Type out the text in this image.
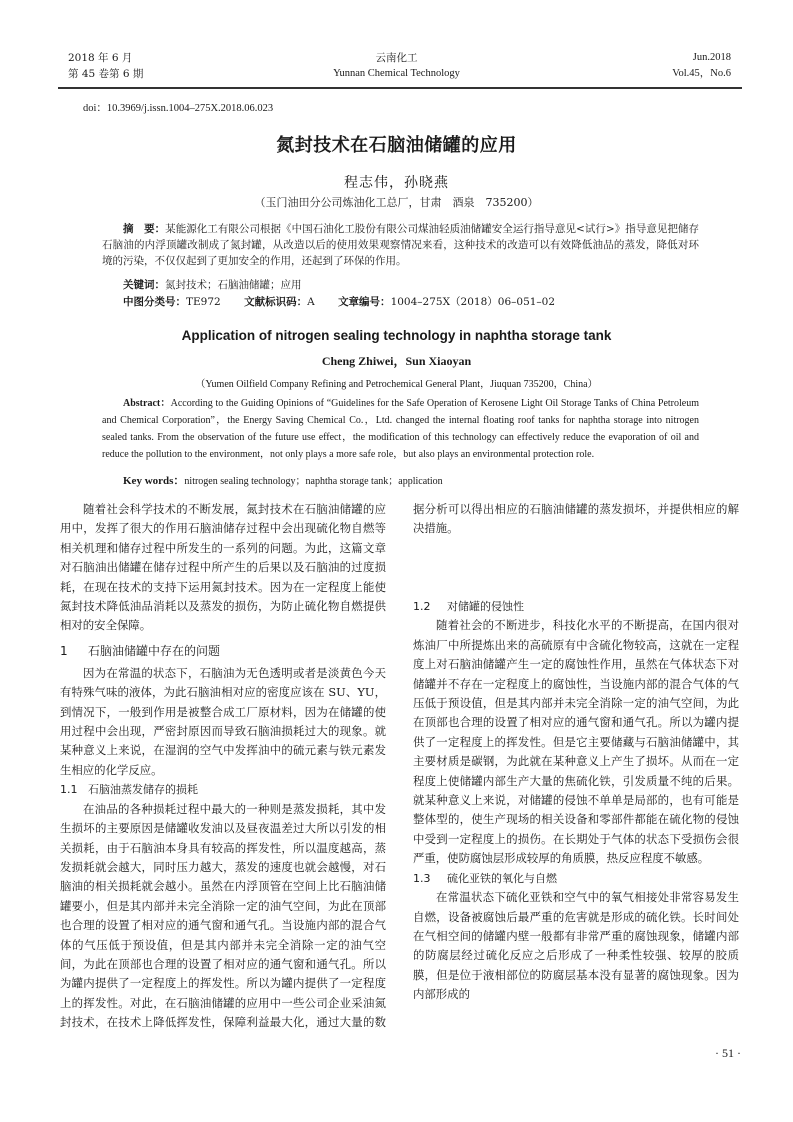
2018 年 6 月
第 45 卷第 6 期
云南化工
Yunnan Chemical Technology
Jun.2018
Vol.45，No.6
doi：10.3969/j.issn.1004–275X.2018.06.023
氮封技术在石脑油储罐的应用
程志伟，孙晓燕
（玉门油田分公司炼油化工总厂，甘肃　酒泉　735200）
摘　要：某能源化工有限公司根据《中国石油化工股份有限公司煤油轻质油储罐安全运行指导意见<试行>》指导意见把储存石脑油的内浮顶罐改制成了氮封罐，从改造以后的使用效果观察情况来看，这种技术的改造可以有效降低油品的蒸发，降低对环境的污染，不仅仅起到了更加安全的作用，还起到了环保的作用。
关键词：氮封技术；石脑油储罐；应用
中图分类号：TE972 文献标识码：A 文章编号：1004–275X（2018）06–051–02
Application of nitrogen sealing technology in naphtha storage tank
Cheng Zhiwei，Sun Xiaoyan
（Yumen Oilfield Company Refining and Petrochemical General Plant，Jiuquan 735200，China）

Abstract：According to the Guiding Opinions of “Guidelines for the Safe Operation of Kerosene Light Oil Storage Tanks of China Petroleum and Chemical Corporation”，the Energy Saving Chemical Co.，Ltd. changed the internal floating roof tanks for naphtha storage into nitrogen sealed tanks. From the observation of the future use effect，the modification of this technology can effectively reduce the evaporation of oil and reduce the pollution to the environment，not only plays a more safe role，but also plays an environmental protection role.

Key words：nitrogen sealing technology；naphtha storage tank；application

随着社会科学技术的不断发展，氮封技术在石脑油储罐的应用中，发挥了很大的作用石脑油储存过程中会出现硫化物自燃等相关机理和储存过程中所发生的一系列的问题。为此，这篇文章对石脑油出储罐在储存过程中所产生的后果以及石脑油的过度损耗，在现在技术的支持下运用氮封技术。因为在一定程度上能使氮封技术降低油品消耗以及蒸发的损伤，为防止硫化物自燃提供相对的安全保障。

1 石脑油储罐中存在的问题

因为在常温的状态下，石脑油为无色透明或者是淡黄色今天有特殊气味的液体，为此石脑油相对应的密度应该在 SU、YU，到情况下，一般到作用是被整合成工厂原材料，因为在储罐的使用过程中会出现，严密封原因而导致石脑油损耗过大的现象。就某种意义上来说，在湿润的空气中发挥油中的硫元素与铁元素发生相应的化学反应。

1.1 石脑油蒸发储存的损耗

在油品的各种损耗过程中最大的一种则是蒸发损耗，其中发生损坏的主要原因是储罐收发油以及昼夜温差过大所以引发的相关损耗，由于石脑油本身具有较高的挥发性，所以温度越高，蒸发损耗就会越大，同时压力越大，蒸发的速度也就会越慢，对石脑油的相关损耗就会越小。虽然在内浮顶管在空间上比石脑油储罐要小，但是其内部并未完全消除一定的油气空间，为此在顶部也合理的设置了相对应的通气窗和通气孔。当设施内部的混合气体的气压低于预设值，但是其内部并未完全消除一定的油气空间，为此在顶部也合理的设置了相对应的通气窗和通气孔。所以为罐内提供了一定程度上的挥发性。所以为罐内提供了一定程度上的挥发性。对此，在石脑油储罐的应用中一些公司企业采油氮封技术，在技术上降低挥发性，保障利益最大化，通过大量的数
据分析可以得出相应的石脑油储罐的蒸发损坏，并提供相应的解决措施。

1.2 对储罐的侵蚀性

随着社会的不断进步，科技化水平的不断提高，在国内很对炼油厂中所提炼出来的高硫原有中含硫化物较高，这就在一定程度上对石脑油储罐产生一定的腐蚀性作用，虽然在气体状态下对储罐并不存在一定程度上的腐蚀性，当设施内部的混合气体的气压低于预设值，但是其内部并未完全消除一定的油气空间，为此在顶部也合理的设置了相对应的通气窗和通气孔。所以为罐内提供了一定程度上的挥发性。但是它主要储藏与石脑油储罐中，其主要材质是碳钢，为此就在某种意义上产生了损坏。从而在一定程度上使储罐内部生产大量的焦硫化铁，引发质量不纯的后果。就某种意义上来说，对储罐的侵蚀不单单是局部的，也有可能是整体型的，使生产现场的相关设备和零部件都能在硫化物的侵蚀中受到一定程度上的损伤。在长期处于气体的状态下受损伤会很严重，使防腐蚀层形成较厚的角质膜，热反应程度不敏感。

1.3 硫化亚铁的氧化与自燃

在常温状态下硫化亚铁和空气中的氧气相接处非常容易发生自燃，设备被腐蚀后最严重的危害就是形成的硫化铁。长时间处在气相空间的储罐内壁一般都有非常严重的腐蚀现象，储罐内部的防腐层经过硫化反应之后形成了一种柔性较强、较厚的胶质膜，但是位于液相部位的防腐层基本没有显著的腐蚀现象。因为内部形成的

· 51 ·
